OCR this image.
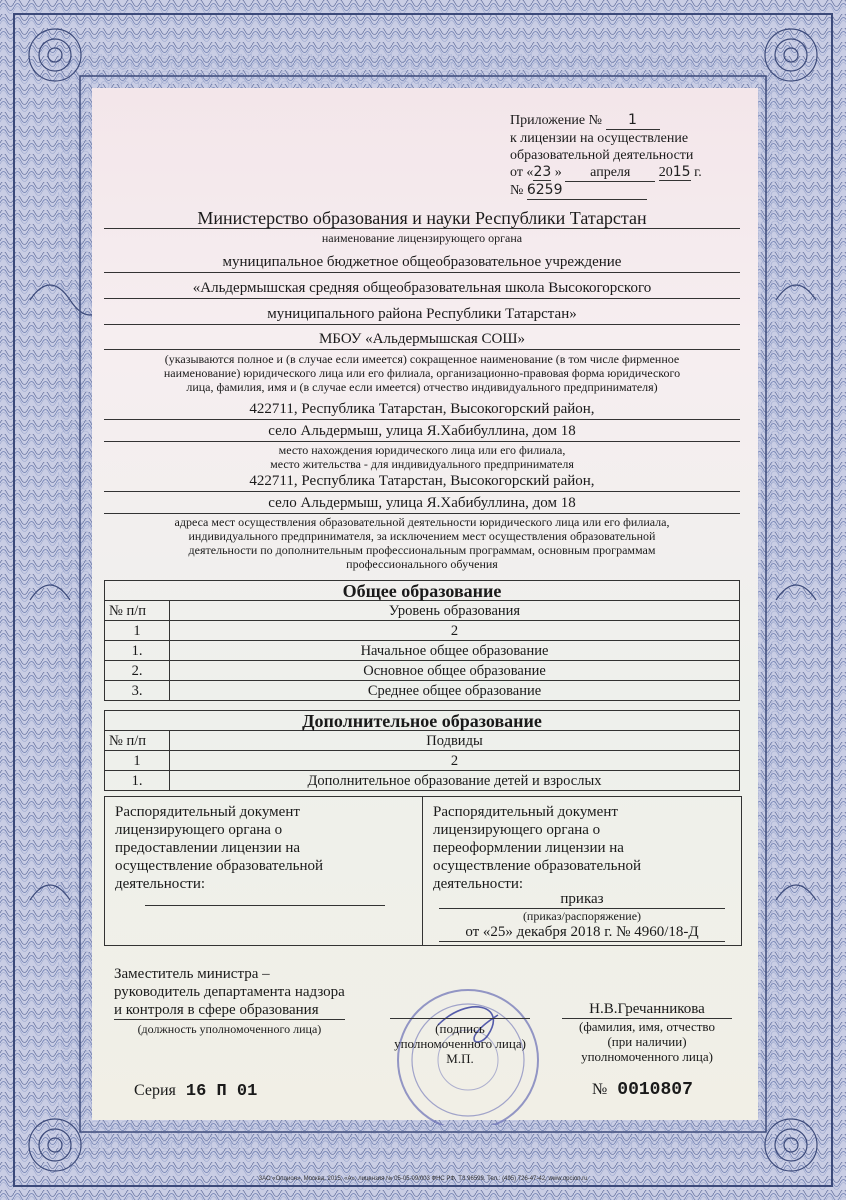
Приложение № 1
к лицензии на осуществление
образовательной деятельности
от «23 » апреля 2015 г.
№ 6259
Министерство образования и науки Республики Татарстан
наименование лицензирующего органа
муниципальное бюджетное общеобразовательное учреждение
«Альдермышская средняя общеобразовательная школа Высокогорского
муниципального района Республики Татарстан»
МБОУ «Альдермышская СОШ»
(указываются полное и (в случае если имеется) сокращенное наименование (в том числе фирменное
наименование) юридического лица или его филиала, организационно-правовая форма юридического
лица, фамилия, имя и (в случае если имеется) отчество индивидуального предпринимателя)
422711, Республика Татарстан, Высокогорский район,
село Альдермыш, улица Я.Хабибуллина, дом 18
место нахождения юридического лица или его филиала,
место жительства - для индивидуального предпринимателя
422711, Республика Татарстан, Высокогорский район,
село Альдермыш, улица Я.Хабибуллина, дом 18
адреса мест осуществления образовательной деятельности юридического лица или его филиала,
индивидуального предпринимателя, за исключением мест осуществления образовательной
деятельности по дополнительным профессиональным программам, основным программам
профессионального обучения
Общее образование	
№ п/п	Уровень образования
1	2
1.	Начальное общее образование
2.	Основное общее образование
3.	Среднее общее образование
Дополнительное образование	
№ п/п	Подвиды
1	2
1.	Дополнительное образование детей и взрослых
Распорядительный документ
лицензирующего органа о
предоставлении лицензии на
осуществление образовательной
деятельности:
Распорядительный документ
лицензирующего органа о
переоформлении лицензии на
осуществление образовательной
деятельности:
приказ
(приказ/распоряжение)
от «25» декабря 2018 г. № 4960/18-Д
Заместитель министра –
руководитель департамента надзора
и контроля в сфере образования
(должность уполномоченного лица)	(подпись
уполномоченного лица)
М.П.
Н.В.Гречанникова
(фамилия, имя, отчество
(при наличии)
уполномоченного лица)
Серия 16 П 01	№ 0010807
ЗАО «Опцион», Москва, 2015, «А», лицензия № 05-05-09/003 ФНС РФ, ТЗ 96599. Тел.: (495) 726-47-42, www.opcion.ru
